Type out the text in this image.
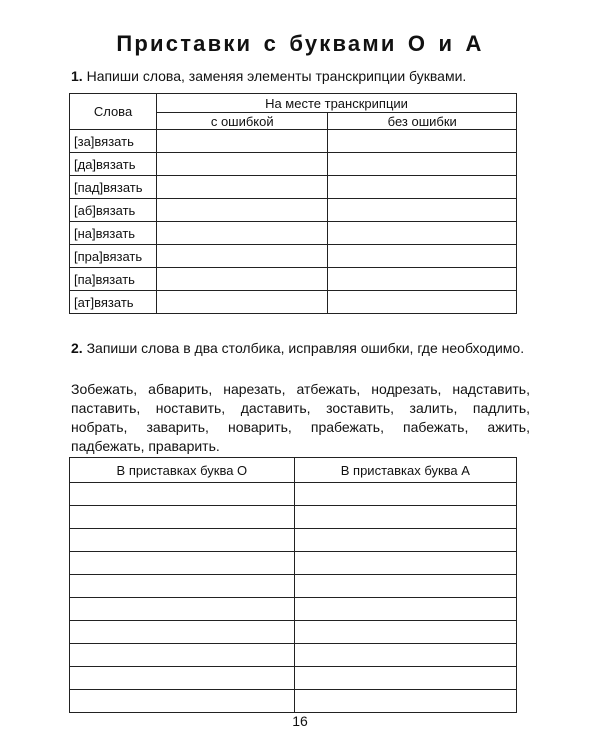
Приставки с буквами О и А
1. Напиши слова, заменяя элементы транскрипции буквами.
Слова	На месте транскрипции	
	с ошибкой	без ошибки
[за]вязать		
[да]вязать		
[пад]вязать		
[аб]вязать		
[на]вязать		
[пра]вязать		
[па]вязать		
[ат]вязать		
2. Запиши слова в два столбика, исправляя ошибки, где необходимо.
Зобежать, абварить, нарезать, атбежать, нодрезать, надставить, паставить, ноставить, даставить, зоставить, залить, падлить, нобрать, заварить, новарить, прабежать, пабежать, ажить, падбежать, праварить.
В приставках буква О	В приставках буква А

16
